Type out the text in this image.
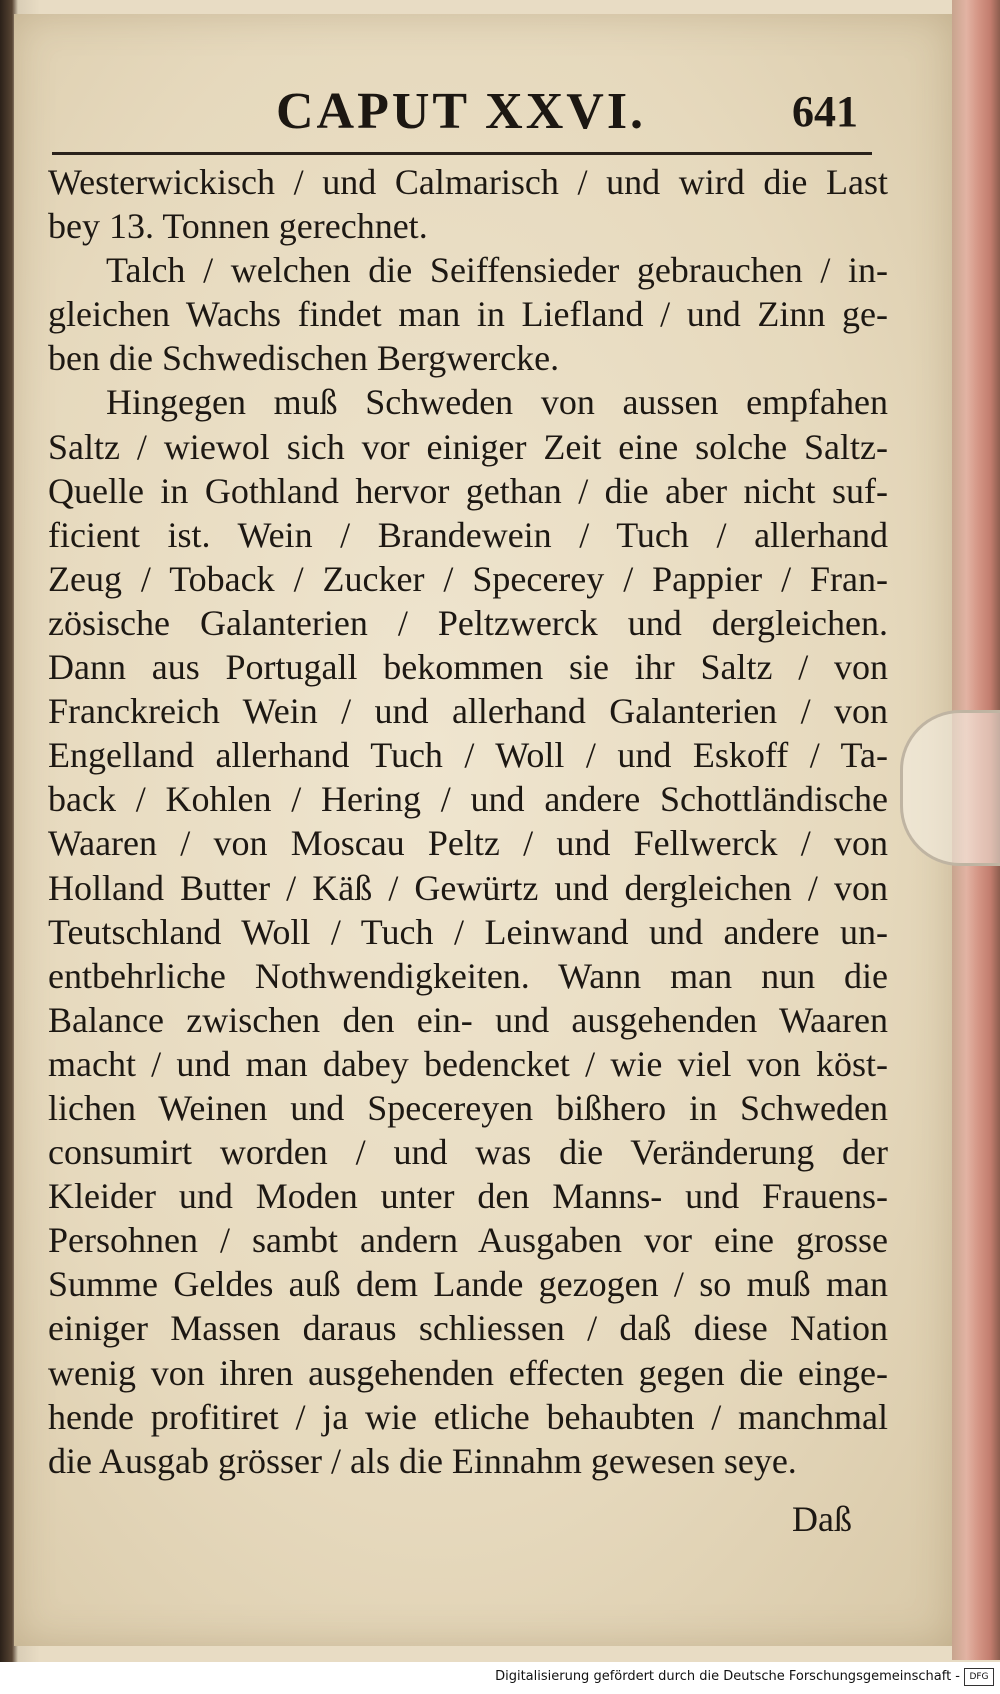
CAPUT XXVI.	641
Westerwickisch / und Calmarisch / und wird die Last
bey 13. Tonnen gerechnet.
Talch / welchen die Seiffensieder gebrauchen / in-
gleichen Wachs findet man in Liefland / und Zinn ge-
ben die Schwedischen Bergwercke.
Hingegen muß Schweden von aussen empfahen
Saltz / wiewol sich vor einiger Zeit eine solche Saltz-
Quelle in Gothland hervor gethan / die aber nicht suf-
ficient ist. Wein / Brandewein / Tuch / allerhand
Zeug / Toback / Zucker / Specerey / Pappier / Fran-
zösische Galanterien / Peltzwerck und dergleichen.
Dann aus Portugall bekommen sie ihr Saltz / von
Franckreich Wein / und allerhand Galanterien / von
Engelland allerhand Tuch / Woll / und Eskoff / Ta-
back / Kohlen / Hering / und andere Schottländische
Waaren / von Moscau Peltz / und Fellwerck / von
Holland Butter / Käß / Gewürtz und dergleichen / von
Teutschland Woll / Tuch / Leinwand und andere un-
entbehrliche Nothwendigkeiten. Wann man nun die
Balance zwischen den ein- und ausgehenden Waaren
macht / und man dabey bedencket / wie viel von köst-
lichen Weinen und Specereyen bißhero in Schweden
consumirt worden / und was die Veränderung der
Kleider und Moden unter den Manns- und Frauens-
Persohnen / sambt andern Ausgaben vor eine grosse
Summe Geldes auß dem Lande gezogen / so muß man
einiger Massen daraus schliessen / daß diese Nation
wenig von ihren ausgehenden effecten gegen die einge-
hende profitiret / ja wie etliche behaubten / manchmal
die Ausgab grösser / als die Einnahm gewesen seye.
Daß
Digitalisierung gefördert durch die Deutsche Forschungsgemeinschaft -	DFG
